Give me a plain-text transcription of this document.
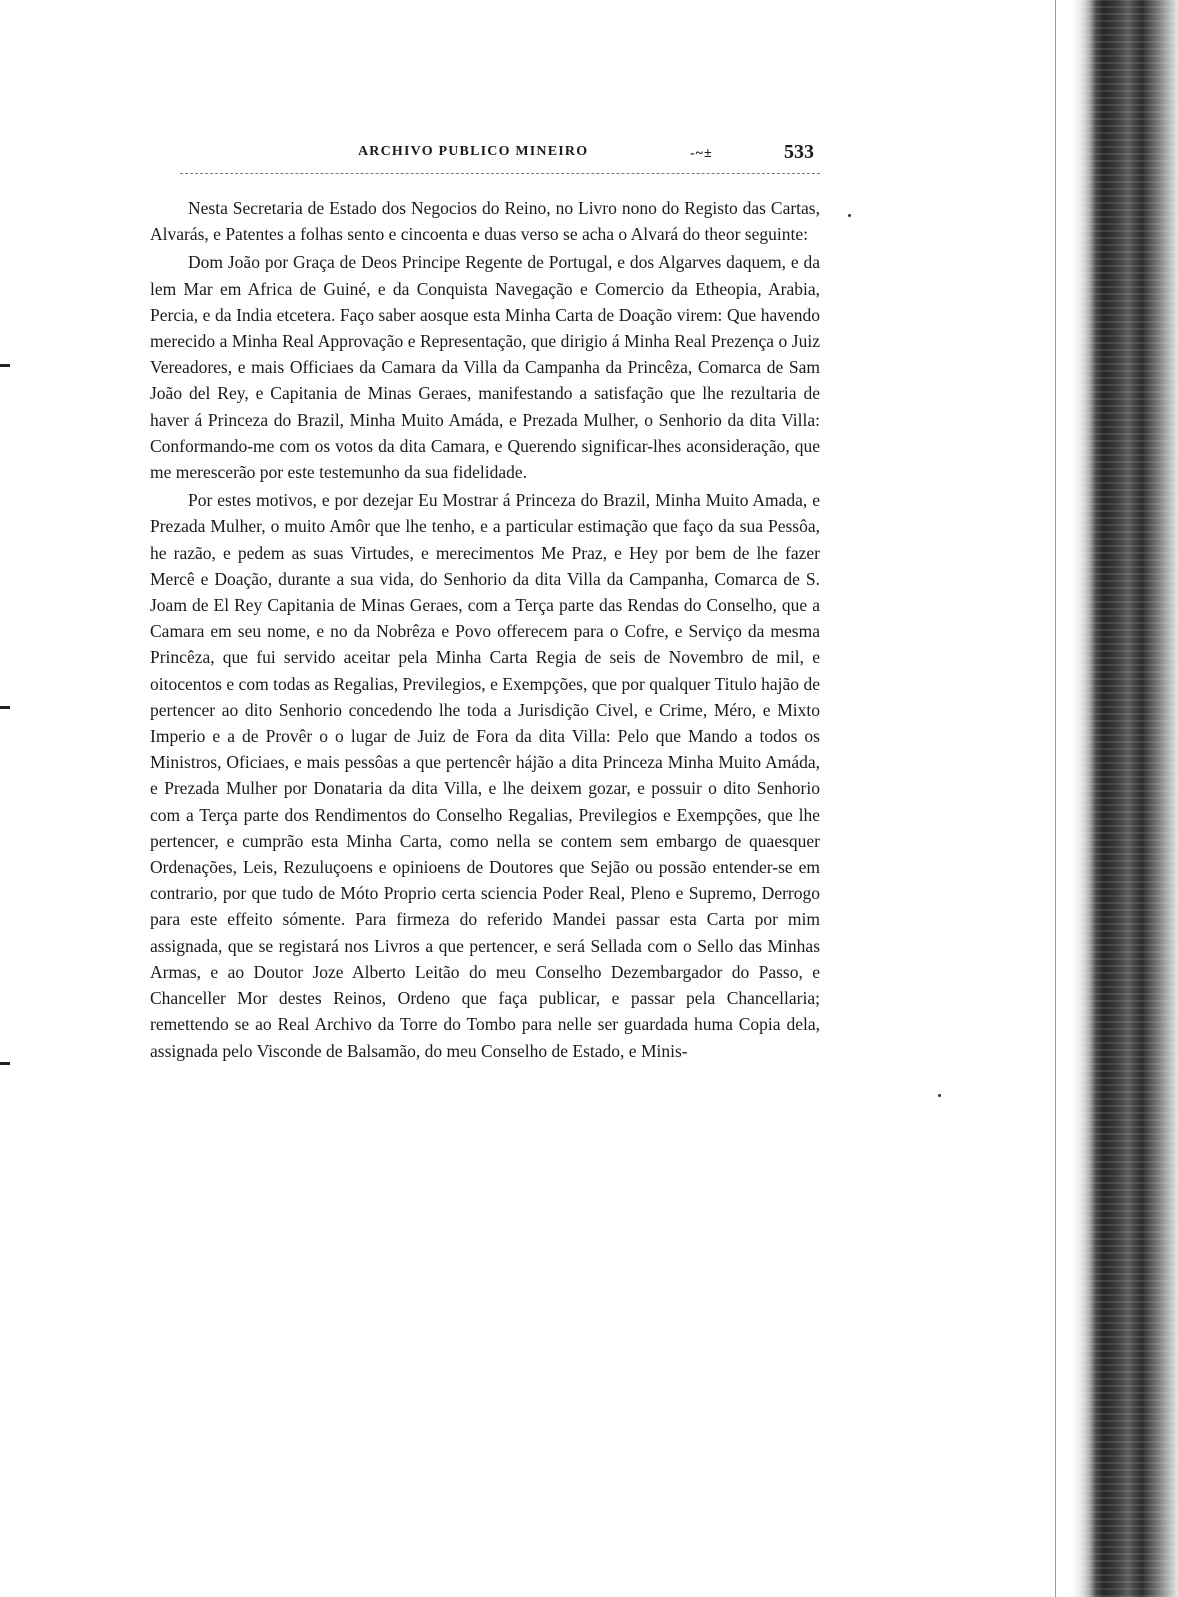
ARCHIVO PUBLICO MINEIRO	-~±	533

Nesta Secretaria de Estado dos Negocios do Reino, no Livro nono do Registo das Cartas, Alvarás, e Patentes a folhas sento e cincoenta e duas verso se acha o Alvará do theor seguinte:

Dom João por Graça de Deos Principe Regente de Portugal, e dos Algarves daquem, e da lem Mar em Africa de Guiné, e da Conquista Navegação e Comercio da Etheopia, Arabia, Percia, e da India etcetera. Faço saber aosque esta Minha Carta de Doação virem: Que havendo merecido a Minha Real Approvação e Representação, que dirigio á Minha Real Prezença o Juiz Vereadores, e mais Officiaes da Camara da Villa da Campanha da Princêza, Comarca de Sam João del Rey, e Capitania de Minas Geraes, manifestando a satisfação que lhe rezultaria de haver á Princeza do Brazil, Minha Muito Amáda, e Prezada Mulher, o Senhorio da dita Villa: Conformando-me com os votos da dita Camara, e Querendo significar-lhes aconsideração, que me merescerão por este testemunho da sua fidelidade.

Por estes motivos, e por dezejar Eu Mostrar á Princeza do Brazil, Minha Muito Amada, e Prezada Mulher, o muito Amôr que lhe tenho, e a particular estimação que faço da sua Pessôa, he razão, e pedem as suas Virtudes, e merecimentos Me Praz, e Hey por bem de lhe fazer Mercê e Doação, durante a sua vida, do Senhorio da dita Villa da Campanha, Comarca de S. Joam de El Rey Capitania de Minas Geraes, com a Terça parte das Rendas do Conselho, que a Camara em seu nome, e no da Nobrêza e Povo offerecem para o Cofre, e Serviço da mesma Princêza, que fui servido aceitar pela Minha Carta Regia de seis de Novembro de mil, e oitocentos e com todas as Regalias, Previlegios, e Exempções, que por qualquer Titulo hajão de pertencer ao dito Senhorio concedendo lhe toda a Jurisdição Civel, e Crime, Méro, e Mixto Imperio e a de Provêr o o lugar de Juiz de Fora da dita Villa: Pelo que Mando a todos os Ministros, Oficiaes, e mais pessôas a que pertencêr hájão a dita Princeza Minha Muito Amáda, e Prezada Mulher por Donataria da dita Villa, e lhe deixem gozar, e possuir o dito Senhorio com a Terça parte dos Rendimentos do Conselho Regalias, Previlegios e Exempções, que lhe pertencer, e cumprão esta Minha Carta, como nella se contem sem embargo de quaesquer Ordenações, Leis, Rezuluçoens e opinioens de Doutores que Sejão ou possão entender-se em contrario, por que tudo de Móto Proprio certa sciencia Poder Real, Pleno e Supremo, Derrogo para este effeito sómente. Para firmeza do referido Mandei passar esta Carta por mim assignada, que se registará nos Livros a que pertencer, e será Sellada com o Sello das Minhas Armas, e ao Doutor Joze Alberto Leitão do meu Conselho Dezembargador do Passo, e Chanceller Mor destes Reinos, Ordeno que faça publicar, e passar pela Chancellaria; remettendo se ao Real Archivo da Torre do Tombo para nelle ser guardada huma Copia dela, assignada pelo Visconde de Balsamão, do meu Conselho de Estado, e Minis-
